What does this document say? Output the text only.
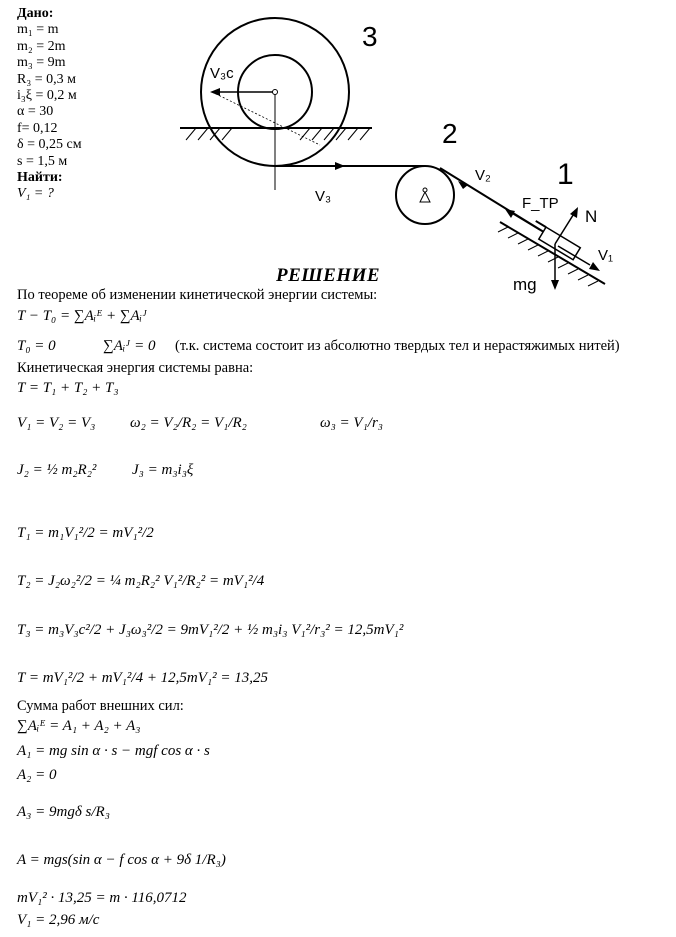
Дано:
m₁ = m
m₂ = 2m
m₃ = 9m
R₃ = 0,3 м
i₃ξ = 0,2 м
α = 30
f= 0,12
δ = 0,25 см
s = 1,5 м
Найти:
V₁ = ?
3
2
1
V₃c
V₃
V₂
F_ТР
N
V₁
mg
РЕШЕНИЕ
По теореме об изменении кинетической энергии системы:
T − T₀ = ∑Aᵢᴱ + ∑Aᵢᴶ
T₀ = 0	∑Aᵢᴶ = 0 (т.к. система состоит из абсолютно твердых тел и нерастяжимых нитей)
Кинетическая энергия системы равна:
T = T₁ + T₂ + T₃
V₁ = V₂ = V₃ ω₂ = V₂/R₂ = V₁/R₂	ω₃ = V₁/r₃
J₂ = ½ m₂R₂² J₃ = m₃i₃ξ
T₁ = m₁V₁²/2 = mV₁²/2
T₂ = J₂ω₂²/2 = ¼ m₂R₂² V₁²/R₂² = mV₁²/4
T₃ = m₃V₃c²/2 + J₃ω₃²/2 = 9mV₁²/2 + ½ m₃i₃ V₁²/r₃² = 12,5mV₁²
T = mV₁²/2 + mV₁²/4 + 12,5mV₁² = 13,25
Сумма работ внешних сил:
∑Aᵢᴱ = A₁ + A₂ + A₃
A₁ = mg sin α · s − mgf cos α · s
A₂ = 0
A₃ = 9mgδ s/R₃
A = mgs(sin α − f cos α + 9δ 1/R₃)
mV₁² · 13,25 = m · 116,0712
V₁ = 2,96 м/с
